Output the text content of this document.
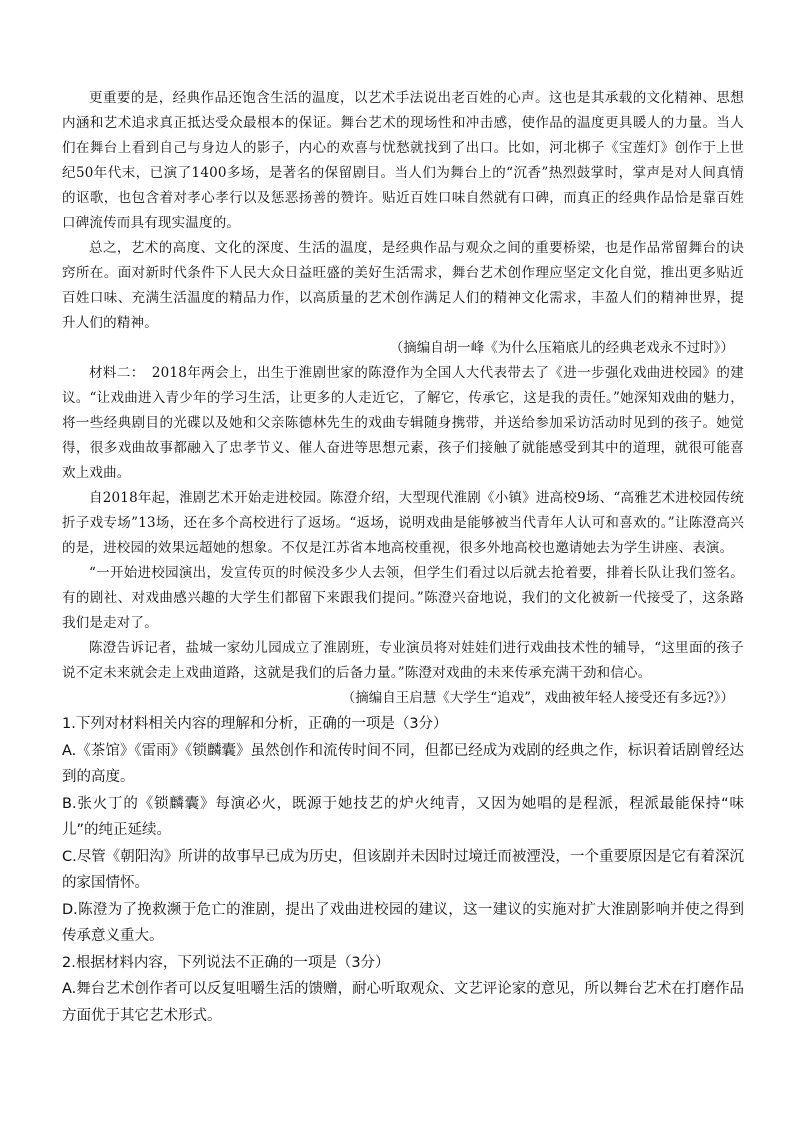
更重要的是，经典作品还饱含生活的温度，以艺术手法说出老百姓的心声。这也是其承载的文化精神、思想内涵和艺术追求真正抵达受众最根本的保证。舞台艺术的现场性和冲击感，使作品的温度更具暖人的力量。当人们在舞台上看到自己与身边人的影子，内心的欢喜与忧愁就找到了出口。比如，河北梆子《宝莲灯》创作于上世纪50年代末，已演了1400多场，是著名的保留剧目。当人们为舞台上的“沉香”热烈鼓掌时，掌声是对人间真情的讴歌，也包含着对孝心孝行以及惩恶扬善的赞许。贴近百姓口味自然就有口碑，而真正的经典作品恰是靠百姓口碑流传而具有现实温度的。

总之，艺术的高度、文化的深度、生活的温度，是经典作品与观众之间的重要桥梁，也是作品常留舞台的诀窍所在。面对新时代条件下人民大众日益旺盛的美好生活需求，舞台艺术创作理应坚定文化自觉，推出更多贴近百姓口味、充满生活温度的精品力作，以高质量的艺术创作满足人们的精神文化需求，丰盈人们的精神世界，提升人们的精神。

（摘编自胡一峰《为什么压箱底儿的经典老戏永不过时》）

材料二：　2018年两会上，出生于淮剧世家的陈澄作为全国人大代表带去了《进一步强化戏曲进校园》的建议。“让戏曲进入青少年的学习生活，让更多的人走近它，了解它，传承它，这是我的责任。”她深知戏曲的魅力，将一些经典剧目的光碟以及她和父亲陈德林先生的戏曲专辑随身携带，并送给参加采访活动时见到的孩子。她觉得，很多戏曲故事都融入了忠孝节义、催人奋进等思想元素，孩子们接触了就能感受到其中的道理，就很可能喜欢上戏曲。

自2018年起，淮剧艺术开始走进校园。陈澄介绍，大型现代淮剧《小镇》进高校9场、“高雅艺术进校园传统折子戏专场”13场，还在多个高校进行了返场。“返场，说明戏曲是能够被当代青年人认可和喜欢的。”让陈澄高兴的是，进校园的效果远超她的想象。不仅是江苏省本地高校重视，很多外地高校也邀请她去为学生讲座、表演。

“一开始进校园演出，发宣传页的时候没多少人去领，但学生们看过以后就去抢着要，排着长队让我们签名。有的剧社、对戏曲感兴趣的大学生们都留下来跟我们提问。”陈澄兴奋地说，我们的文化被新一代接受了，这条路我们是走对了。

陈澄告诉记者，盐城一家幼儿园成立了淮剧班，专业演员将对娃娃们进行戏曲技术性的辅导，“这里面的孩子说不定未来就会走上戏曲道路，这就是我们的后备力量。”陈澄对戏曲的未来传承充满干劲和信心。

（摘编自王启慧《大学生“追戏”，戏曲被年轻人接受还有多远?》）

1.下列对材料相关内容的理解和分析，正确的一项是（3分）

A.《茶馆》《雷雨》《锁麟囊》虽然创作和流传时间不同，但都已经成为戏剧的经典之作，标识着话剧曾经达到的高度。

B.张火丁的《锁麟囊》每演必火，既源于她技艺的炉火纯青，又因为她唱的是程派，程派最能保持“味儿”的纯正延续。

C.尽管《朝阳沟》所讲的故事早已成为历史，但该剧并未因时过境迁而被湮没，一个重要原因是它有着深沉的家国情怀。

D.陈澄为了挽救濒于危亡的淮剧，提出了戏曲进校园的建议，这一建议的实施对扩大淮剧影响并使之得到传承意义重大。

2.根据材料内容，下列说法不正确的一项是（3分）

A.舞台艺术创作者可以反复咀嚼生活的馈赠，耐心听取观众、文艺评论家的意见，所以舞台艺术在打磨作品方面优于其它艺术形式。
